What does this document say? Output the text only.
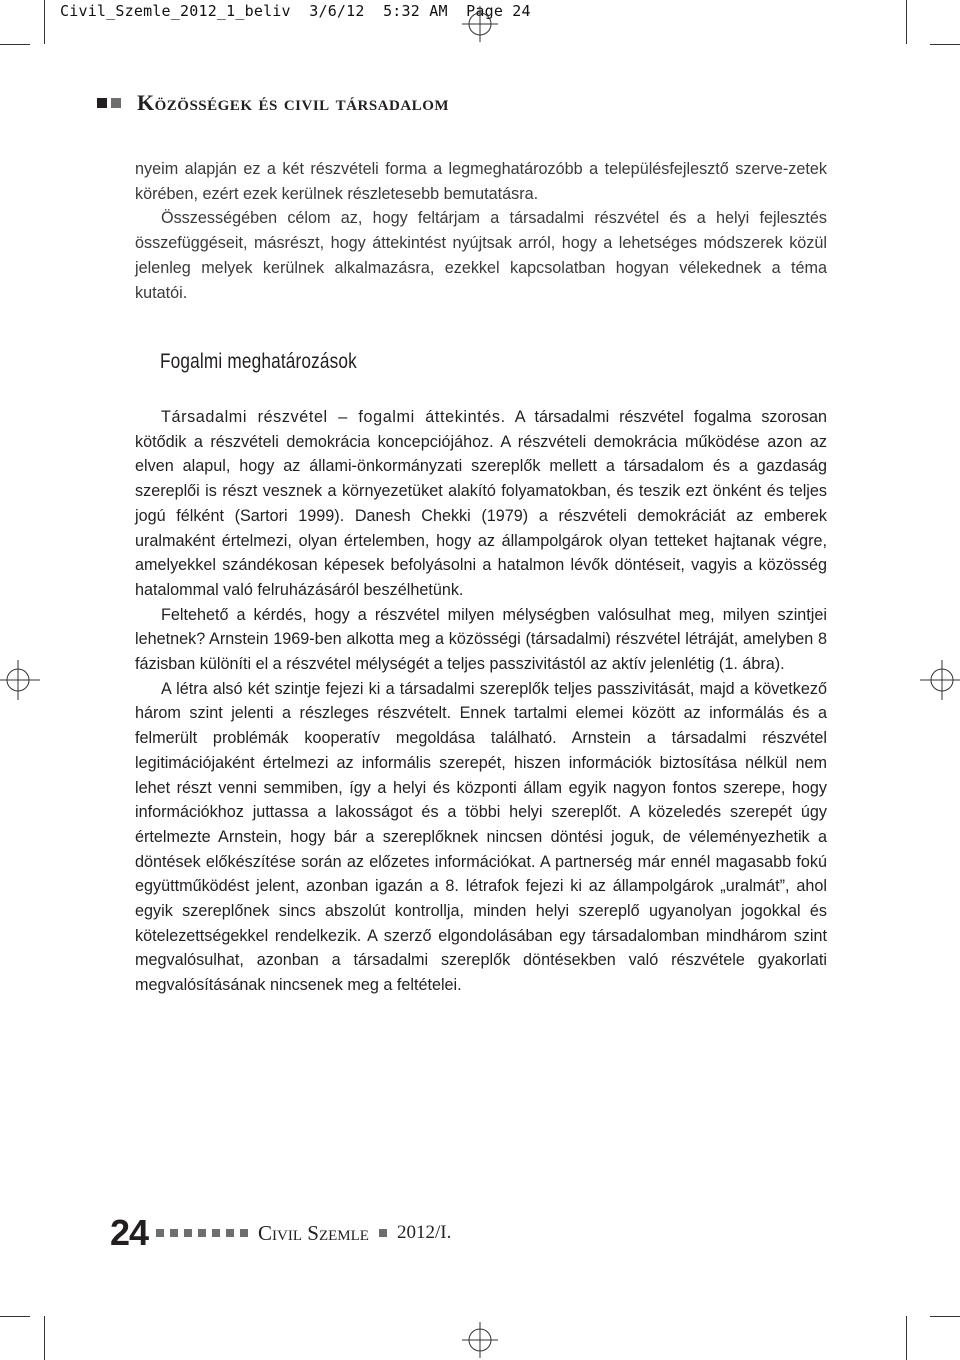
Civil_Szemle_2012_1_beliv  3/6/12  5:32 AM  Page 24
Közösségek és civil társadalom

nyeim alapján ez a két részvételi forma a legmeghatározóbb a településfejlesztő szerve-zetek körében, ezért ezek kerülnek részletesebb bemutatásra.

Összességében célom az, hogy feltárjam a társadalmi részvétel és a helyi fejlesztés összefüggéseit, másrészt, hogy áttekintést nyújtsak arról, hogy a lehetséges módszerek közül jelenleg melyek kerülnek alkalmazásra, ezekkel kapcsolatban hogyan vélekednek a téma kutatói.

Fogalmi meghatározások

Társadalmi részvétel – fogalmi áttekintés. A társadalmi részvétel fogalma szorosan kötődik a részvételi demokrácia koncepciójához. A részvételi demokrácia működése azon az elven alapul, hogy az állami-önkormányzati szereplők mellett a társadalom és a gazdaság szereplői is részt vesznek a környezetüket alakító folyamatokban, és teszik ezt önként és teljes jogú félként (Sartori 1999). Danesh Chekki (1979) a részvételi demokráciát az emberek uralmaként értelmezi, olyan értelemben, hogy az állampolgárok olyan tetteket hajtanak végre, amelyekkel szándékosan képesek befolyásolni a hatalmon lévők döntéseit, vagyis a közösség hatalommal való felruházásáról beszélhetünk.

Feltehető a kérdés, hogy a részvétel milyen mélységben valósulhat meg, milyen szintjei lehetnek? Arnstein 1969-ben alkotta meg a közösségi (társadalmi) részvétel létráját, amelyben 8 fázisban különíti el a részvétel mélységét a teljes passzivitástól az aktív jelenlétig (1. ábra).

A létra alsó két szintje fejezi ki a társadalmi szereplők teljes passzivitását, majd a következő három szint jelenti a részleges részvételt. Ennek tartalmi elemei között az informálás és a felmerült problémák kooperatív megoldása található. Arnstein a társadalmi részvétel legitimációjaként értelmezi az informális szerepét, hiszen információk biztosítása nélkül nem lehet részt venni semmiben, így a helyi és központi állam egyik nagyon fontos szerepe, hogy információkhoz juttassa a lakosságot és a többi helyi szereplőt. A közeledés szerepét úgy értelmezte Arnstein, hogy bár a szereplőknek nincsen döntési joguk, de véleményezhetik a döntések előkészítése során az előzetes információkat. A partnerség már ennél magasabb fokú együttműködést jelent, azonban igazán a 8. létrafok fejezi ki az állampolgárok „uralmát”, ahol egyik szereplőnek sincs abszolút kontrollja, minden helyi szereplő ugyanolyan jogokkal és kötelezettségekkel rendelkezik. A szerző elgondolásában egy társadalomban mindhárom szint megvalósulhat, azonban a társadalmi szereplők döntésekben való részvétele gyakorlati megvalósításának nincsenek meg a feltételei.

24	Civil Szemle 2012/I.
